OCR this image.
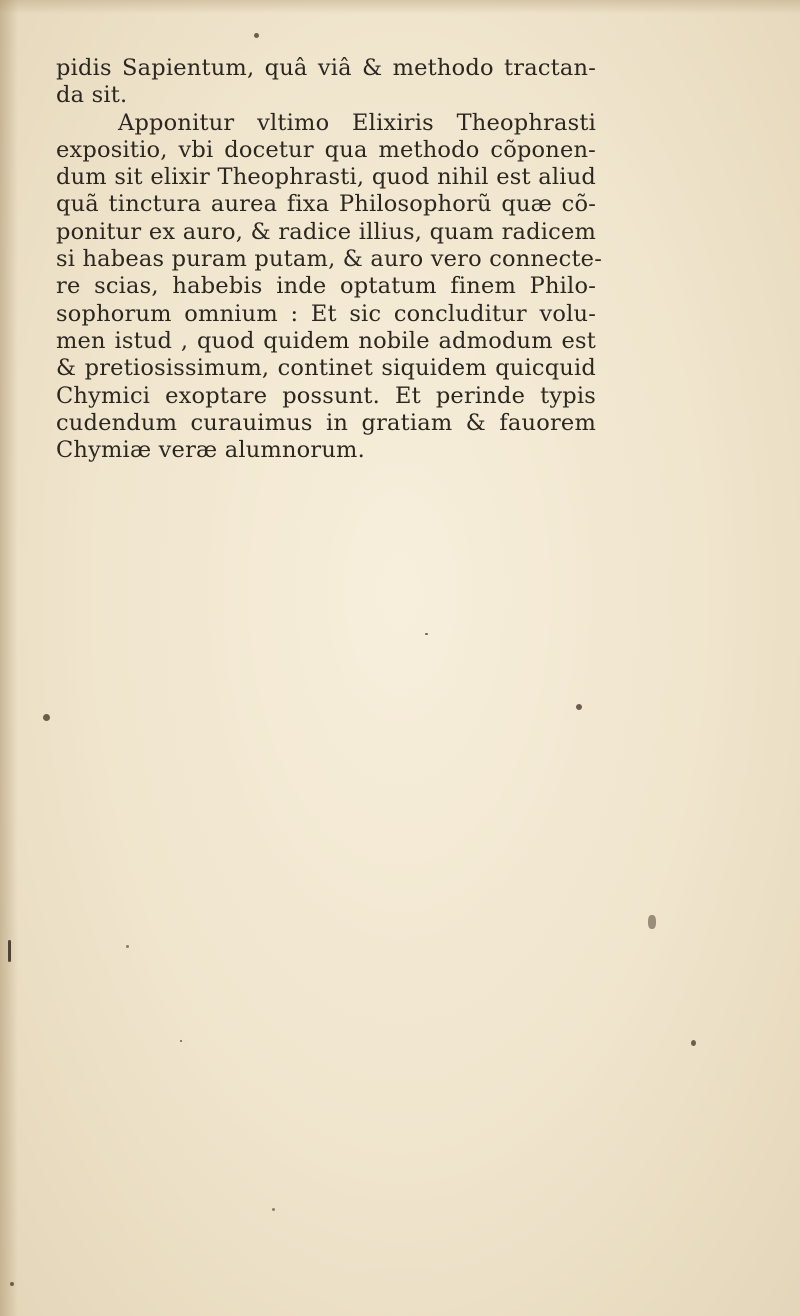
pidis Sapientum, quâ viâ & methodo tractan-
da sit.
Apponitur vltimo Elixiris Theophrasti
expositio, vbi docetur qua methodo cõponen-
dum sit elixir Theophrasti, quod nihil est aliud
quã tinctura aurea fixa Philosophorũ quæ cõ-
ponitur ex auro, & radice illius, quam radicem
si habeas puram putam, & auro vero connecte-
re scias, habebis inde optatum finem Philo-
sophorum omnium : Et sic concluditur volu-
men istud , quod quidem nobile admodum est
& pretiosissimum, continet siquidem quicquid
Chymici exoptare possunt. Et perinde typis
cudendum curauimus in gratiam & fauorem
Chymiæ veræ alumnorum.
